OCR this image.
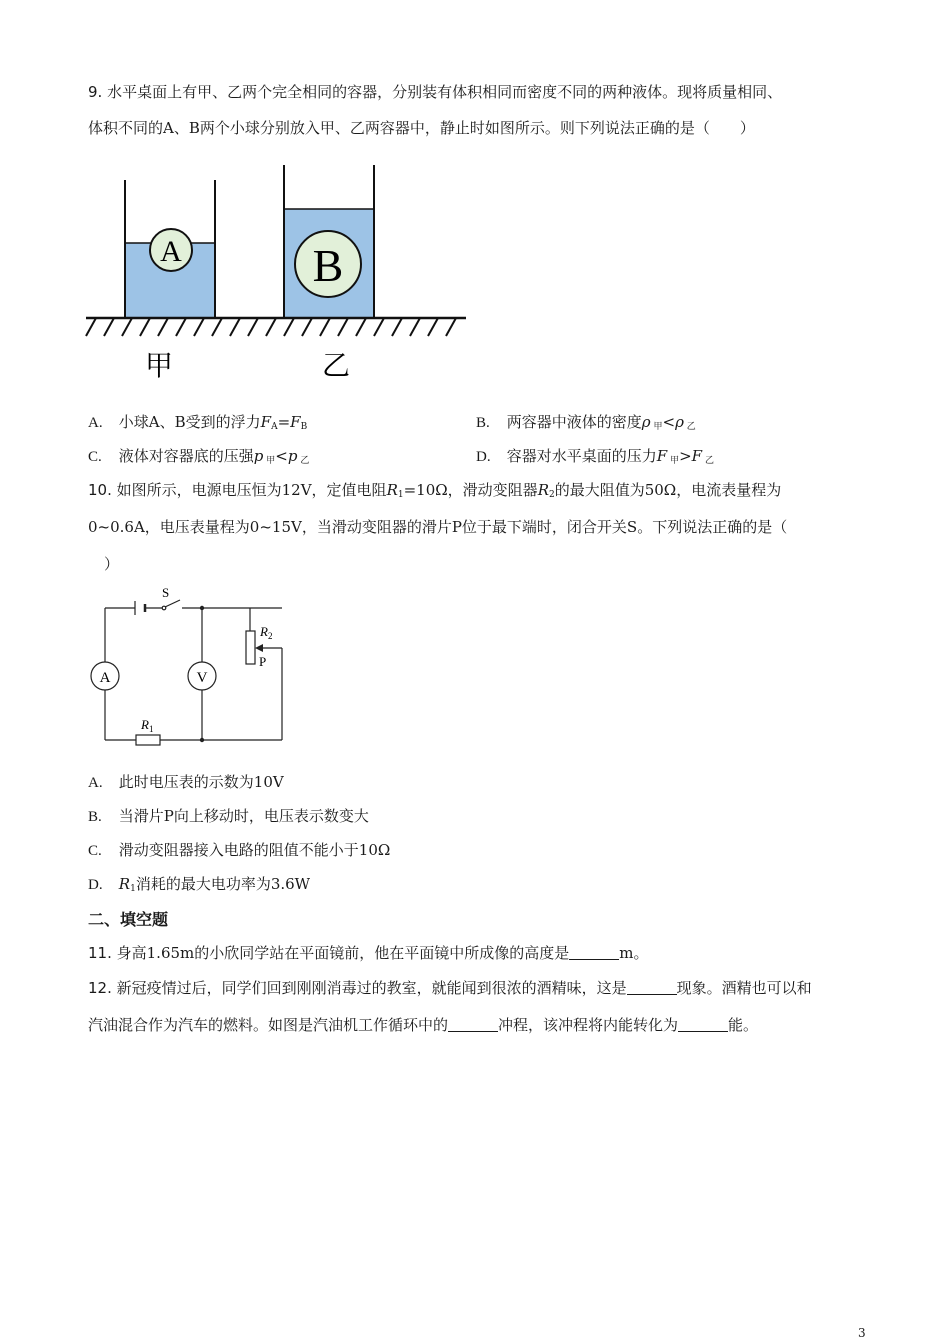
9. 水平桌面上有甲、乙两个完全相同的容器，分别装有体积相同而密度不同的两种液体。现将质量相同、
体积不同的A、B两个小球分别放入甲、乙两容器中，静止时如图所示。则下列说法正确的是（　　）
A	B
甲	乙
A. 小球A、B受到的浮力$F_A=F_B$	B. 两容器中液体的密度ρ $_甲$<ρ $_乙$
C. 液体对容器底的压强p $_甲$<p $_乙$	D. 容器对水平桌面的压力F $_甲$>F $_乙$
10. 如图所示，电源电压恒为12V，定值电阻$R_1=10\Omega$，滑动变阻器$R_2$的最大阻值为50Ω，电流表量程为
0~0.6A，电压表量程为0~15V，当滑动变阻器的滑片P位于最下端时，闭合开关S。下列说法正确的是（
）
S
A	V
$R_1$
$R_2$
P
A. 此时电压表的示数为10V
B. 当滑片P向上移动时，电压表示数变大
C. 滑动变阻器接入电路的阻值不能小于10Ω
D. $R_1$消耗的最大电功率为3.6W
二、填空题
11. 身高1.65m的小欣同学站在平面镜前，他在平面镜中所成像的高度是	m。
12. 新冠疫情过后，同学们回到刚刚消毒过的教室，就能闻到很浓的酒精味，这是	现象。酒精也可以和
汽油混合作为汽车的燃料。如图是汽油机工作循环中的	冲程，该冲程将内能转化为	能。
3
